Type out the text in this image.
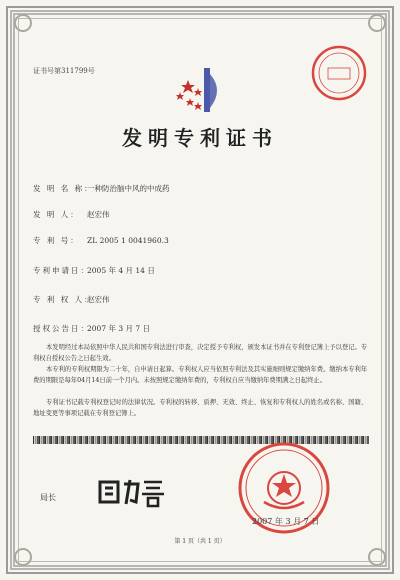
证书号第311799号
发明专利证书
发 明 名 称：一种防治脑中风的中成药
发 明 人： 赵宏伟
专 利 号： ZL 2005 1 0041960.3
专利申请日：2005 年 4 月 14 日
专 利 权 人：赵宏伟
授权公告日：2007 年 3 月 7 日
本发明经过本局依照中华人民共和国专利法进行审查，决定授予专利权，颁发本证书并在专利登记簿上予以登记。专利权自授权公告之日起生效。
本专利的专利权期限为二十年，自申请日起算。专利权人应当依照专利法及其实施细则规定缴纳年费。缴纳本专利年费的期限是每年04月14日前一个月内。未按照规定缴纳年费的，专利权自应当缴纳年费期满之日起终止。
专利证书记载专利权登记时的法律状况。专利权的转移、质押、无效、终止、恢复和专利权人的姓名或名称、国籍、地址变更等事项记载在专利登记簿上。
局长
2007 年 3 月 7 日
第 1 页（共 1 页）
